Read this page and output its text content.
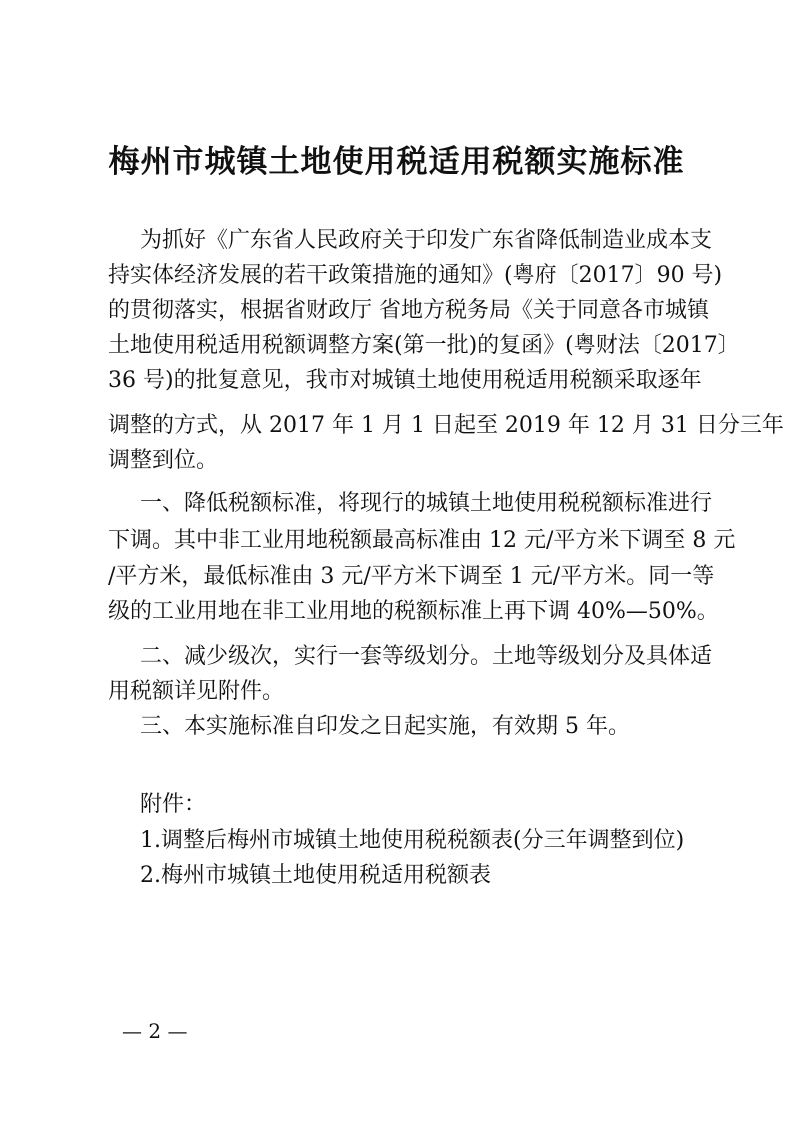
梅州市城镇土地使用税适用税额实施标准
为抓好《广东省人民政府关于印发广东省降低制造业成本支
持实体经济发展的若干政策措施的通知》(粤府〔2017〕90 号)
的贯彻落实，根据省财政厅 省地方税务局《关于同意各市城镇
土地使用税适用税额调整方案(第一批)的复函》(粤财法〔2017〕
36 号)的批复意见，我市对城镇土地使用税适用税额采取逐年
调整的方式，从 2017 年 1 月 1 日起至 2019 年 12 月 31 日分三年
调整到位。
一、降低税额标准，将现行的城镇土地使用税税额标准进行
下调。其中非工业用地税额最高标准由 12 元/平方米下调至 8 元
/平方米，最低标准由 3 元/平方米下调至 1 元/平方米。同一等
级的工业用地在非工业用地的税额标准上再下调 40%—50%。
二、减少级次，实行一套等级划分。土地等级划分及具体适
用税额详见附件。
三、本实施标准自印发之日起实施，有效期 5 年。
附件：
1.调整后梅州市城镇土地使用税税额表(分三年调整到位)
2.梅州市城镇土地使用税适用税额表
— 2 —
